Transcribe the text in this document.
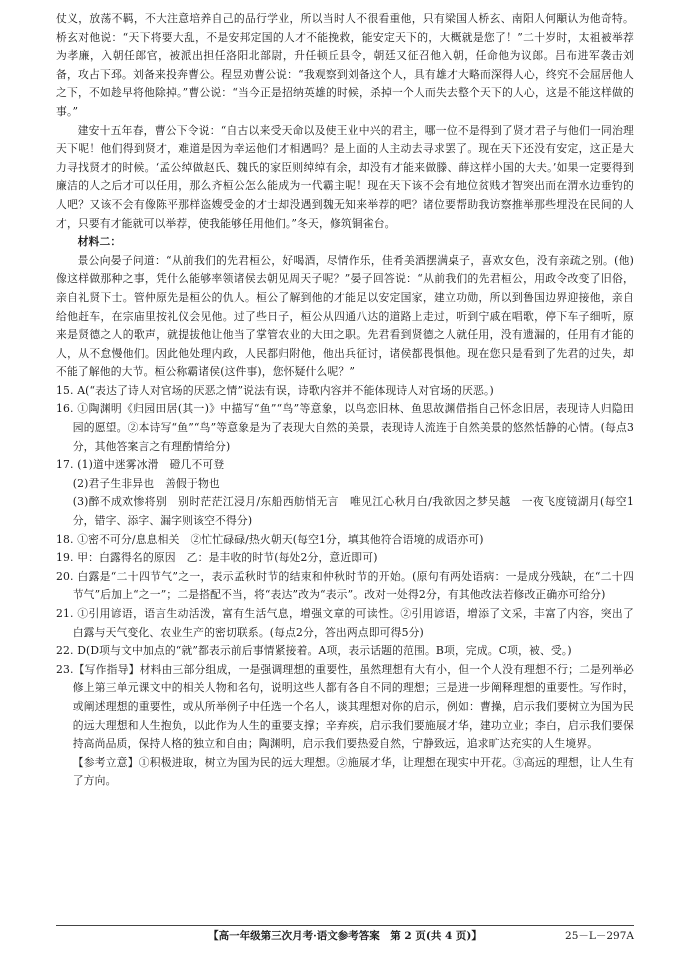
仗义，放荡不羁，不大注意培养自己的品行学业，所以当时人不很看重他，只有梁国人桥玄、南阳人何顒认为他奇特。桥玄对他说：“天下将要大乱，不是安邦定国的人才不能挽救，能安定天下的，大概就是您了！”二十岁时，太祖被举荐为孝廉，入朝任郎官，被派出担任洛阳北部尉，升任顿丘县令，朝廷又征召他入朝，任命他为议郎。吕布进军袭击刘备，攻占下邳。刘备来投奔曹公。程昱劝曹公说：“我观察到刘备这个人，具有雄才大略而深得人心，终究不会屈居他人之下，不如趁早将他除掉。”曹公说：“当今正是招纳英雄的时候，杀掉一个人而失去整个天下的人心，这是不能这样做的事。”

建安十五年春，曹公下令说：“自古以来受天命以及使王业中兴的君主，哪一位不是得到了贤才君子与他们一同治理天下呢！他们得到贤才，难道是因为幸运他们才相遇吗？是上面的人主动去寻求罢了。现在天下还没有安定，这正是大力寻找贤才的时候。‘孟公绰做赵氏、魏氏的家臣则绰绰有余，却没有才能来做滕、薛这样小国的大夫。’如果一定要得到廉洁的人之后才可以任用，那么齐桓公怎么能成为一代霸主呢！现在天下该不会有地位贫贱才智突出而在渭水边垂钓的人吧？又该不会有像陈平那样盗嫂受金的才士却没遇到魏无知来举荐的吧？诸位要帮助我访察推举那些埋没在民间的人才，只要有才能就可以举荐，使我能够任用他们。”冬天，修筑铜雀台。

材料二：

景公向晏子问道：“从前我们的先君桓公，好喝酒，尽情作乐，佳肴美酒摆满桌子，喜欢女色，没有亲疏之别。(他)像这样做那种之事，凭什么能够率领诸侯去朝见周天子呢？”晏子回答说：“从前我们的先君桓公，用政令改变了旧俗，亲自礼贤下士。管仲原先是桓公的仇人。桓公了解到他的才能足以安定国家，建立功勋，所以到鲁国边界迎接他，亲自给他赶车，在宗庙里按礼仪会见他。过了些日子，桓公从四通八达的道路上走过，听到宁戚在唱歌，停下车子细听，原来是贤德之人的歌声，就提拔他让他当了掌管农业的大田之职。先君看到贤德之人就任用，没有遗漏的，任用有才能的人，从不怠慢他们。因此他处理内政，人民都归附他，他出兵征讨，诸侯都畏惧他。现在您只是看到了先君的过失，却不能了解他的大节。桓公称霸诸侯(这件事)，您怀疑什么呢？”

15. A(“表达了诗人对官场的厌恶之情”说法有误，诗歌内容并不能体现诗人对官场的厌恶。)

16. ①陶渊明《归园田居(其一)》中描写“鱼”“鸟”等意象，以鸟恋旧林、鱼思故渊借指自己怀念旧居，表现诗人归隐田园的愿望。②本诗写“鱼”“鸟”等意象是为了表现大自然的美景，表现诗人流连于自然美景的悠然恬静的心情。(每点3分，其他答案言之有理酌情给分)

17. (1)道中迷雾冰滑　磴几不可登

(2)君子生非异也　善假于物也

(3)醉不成欢惨将别　别时茫茫江浸月/东船西舫悄无言　唯见江心秋月白/我欲因之梦吴越　一夜飞度镜湖月(每空1分，错字、添字、漏字则该空不得分)

18. ①密不可分/息息相关　②忙忙碌碌/热火朝天(每空1分，填其他符合语境的成语亦可)

19. 甲：白露得名的原因　乙：是丰收的时节(每处2分，意近即可)

20. 白露是“二十四节气”之一，表示孟秋时节的结束和仲秋时节的开始。(原句有两处语病：一是成分残缺，在“二十四节气”后加上“之一”；二是搭配不当，将“表达”改为“表示”。改对一处得2分，有其他改法若修改正确亦可给分)

21. ①引用谚语，语言生动活泼，富有生活气息，增强文章的可读性。②引用谚语，增添了文采，丰富了内容，突出了白露与天气变化、农业生产的密切联系。(每点2分，答出两点即可得5分)

22. D(D项与文中加点的“就”都表示前后事情紧接着。A项，表示话题的范围。B项，完成。C项，被、受。)

23.【写作指导】材料由三部分组成，一是强调理想的重要性，虽然理想有大有小，但一个人没有理想不行；二是列举必修上第三单元课文中的相关人物和名句，说明这些人都有各自不同的理想；三是进一步阐释理想的重要性。写作时，或阐述理想的重要性，或从所举例子中任选一个名人，谈其理想对你的启示，例如：曹操，启示我们要树立为国为民的远大理想和人生抱负，以此作为人生的重要支撑；辛弃疾，启示我们要施展才华，建功立业；李白，启示我们要保持高尚品质，保持人格的独立和自由；陶渊明，启示我们要热爱自然，宁静致远，追求旷达充实的人生境界。

【参考立意】①积极进取，树立为国为民的远大理想。②施展才华，让理想在现实中开花。③高远的理想，让人生有了方向。

【高一年级第三次月考·语文参考答案　第 2 页(共 4 页)】	25－L－297A
